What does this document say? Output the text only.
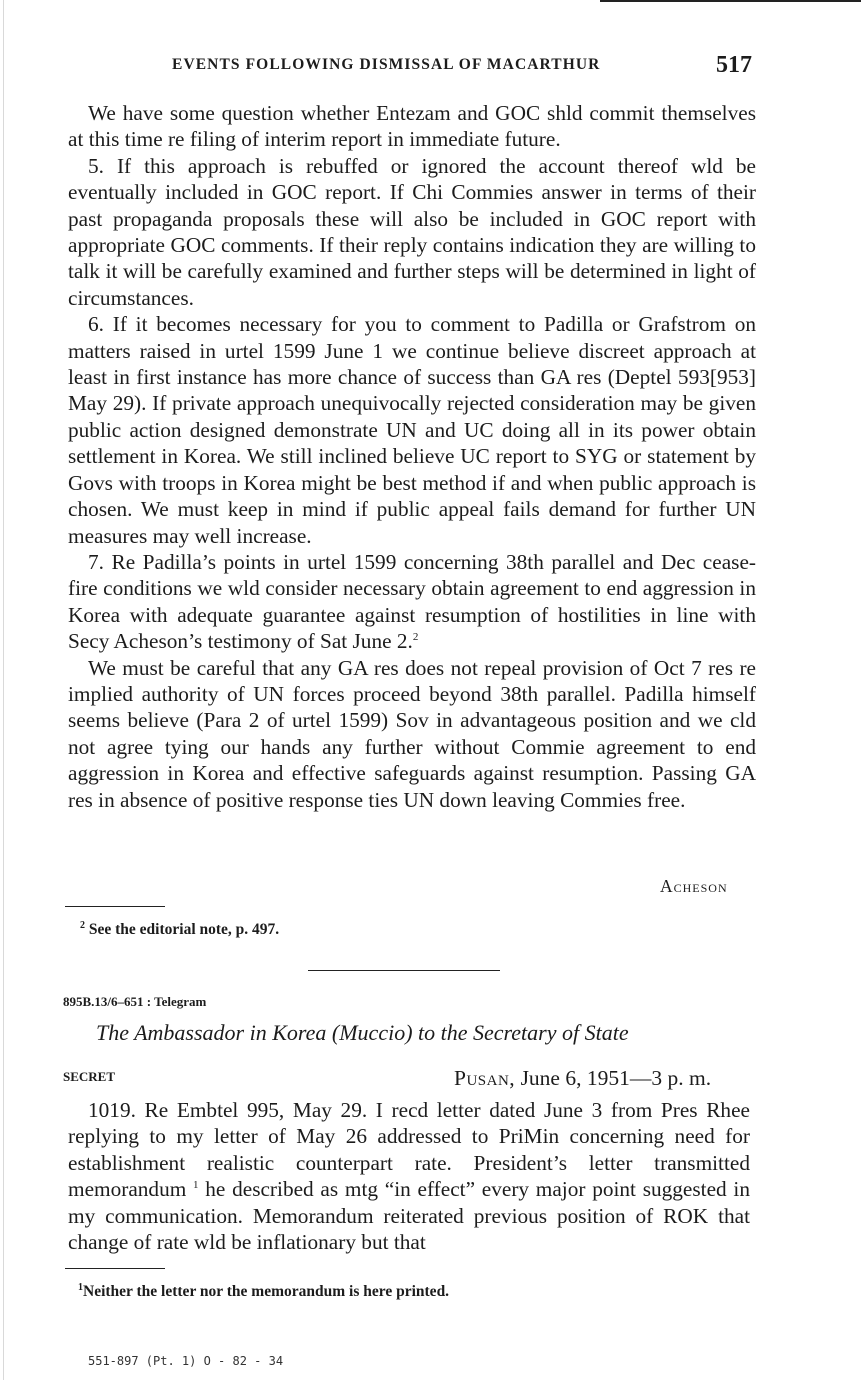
EVENTS FOLLOWING DISMISSAL OF MACARTHUR	517

We have some question whether Entezam and GOC shld commit themselves at this time re filing of interim report in immediate future.

5. If this approach is rebuffed or ignored the account thereof wld be eventually included in GOC report. If Chi Commies answer in terms of their past propaganda proposals these will also be included in GOC report with appropriate GOC comments. If their reply contains indication they are willing to talk it will be carefully examined and further steps will be determined in light of circumstances.

6. If it becomes necessary for you to comment to Padilla or Grafstrom on matters raised in urtel 1599 June 1 we continue believe discreet approach at least in first instance has more chance of success than GA res (Deptel 593[953] May 29). If private approach unequivocally rejected consideration may be given public action designed demonstrate UN and UC doing all in its power obtain settlement in Korea. We still inclined believe UC report to SYG or statement by Govs with troops in Korea might be best method if and when public approach is chosen. We must keep in mind if public appeal fails demand for further UN measures may well increase.

7. Re Padilla’s points in urtel 1599 concerning 38th parallel and Dec cease-fire conditions we wld consider necessary obtain agreement to end aggression in Korea with adequate guarantee against resumption of hostilities in line with Secy Acheson’s testimony of Sat June 2.$^2$

We must be careful that any GA res does not repeal provision of Oct 7 res re implied authority of UN forces proceed beyond 38th parallel. Padilla himself seems believe (Para 2 of urtel 1599) Sov in advantageous position and we cld not agree tying our hands any further without Commie agreement to end aggression in Korea and effective safeguards against resumption. Passing GA res in absence of positive response ties UN down leaving Commies free.

Acheson
$^2$ See the editorial note, p. 497.
895B.13/6–651 : Telegram
The Ambassador in Korea (Muccio) to the Secretary of State
SECRET	Pusan, June 6, 1951—3 p. m.

1019. Re Embtel 995, May 29. I recd letter dated June 3 from Pres Rhee replying to my letter of May 26 addressed to PriMin concerning need for establishment realistic counterpart rate. President’s letter transmitted memorandum $^1$ he described as mtg “in effect” every major point suggested in my communication. Memorandum reiterated previous position of ROK that change of rate wld be inflationary but that

$^1$Neither the letter nor the memorandum is here printed.
551-897 (Pt. 1) O - 82 - 34
